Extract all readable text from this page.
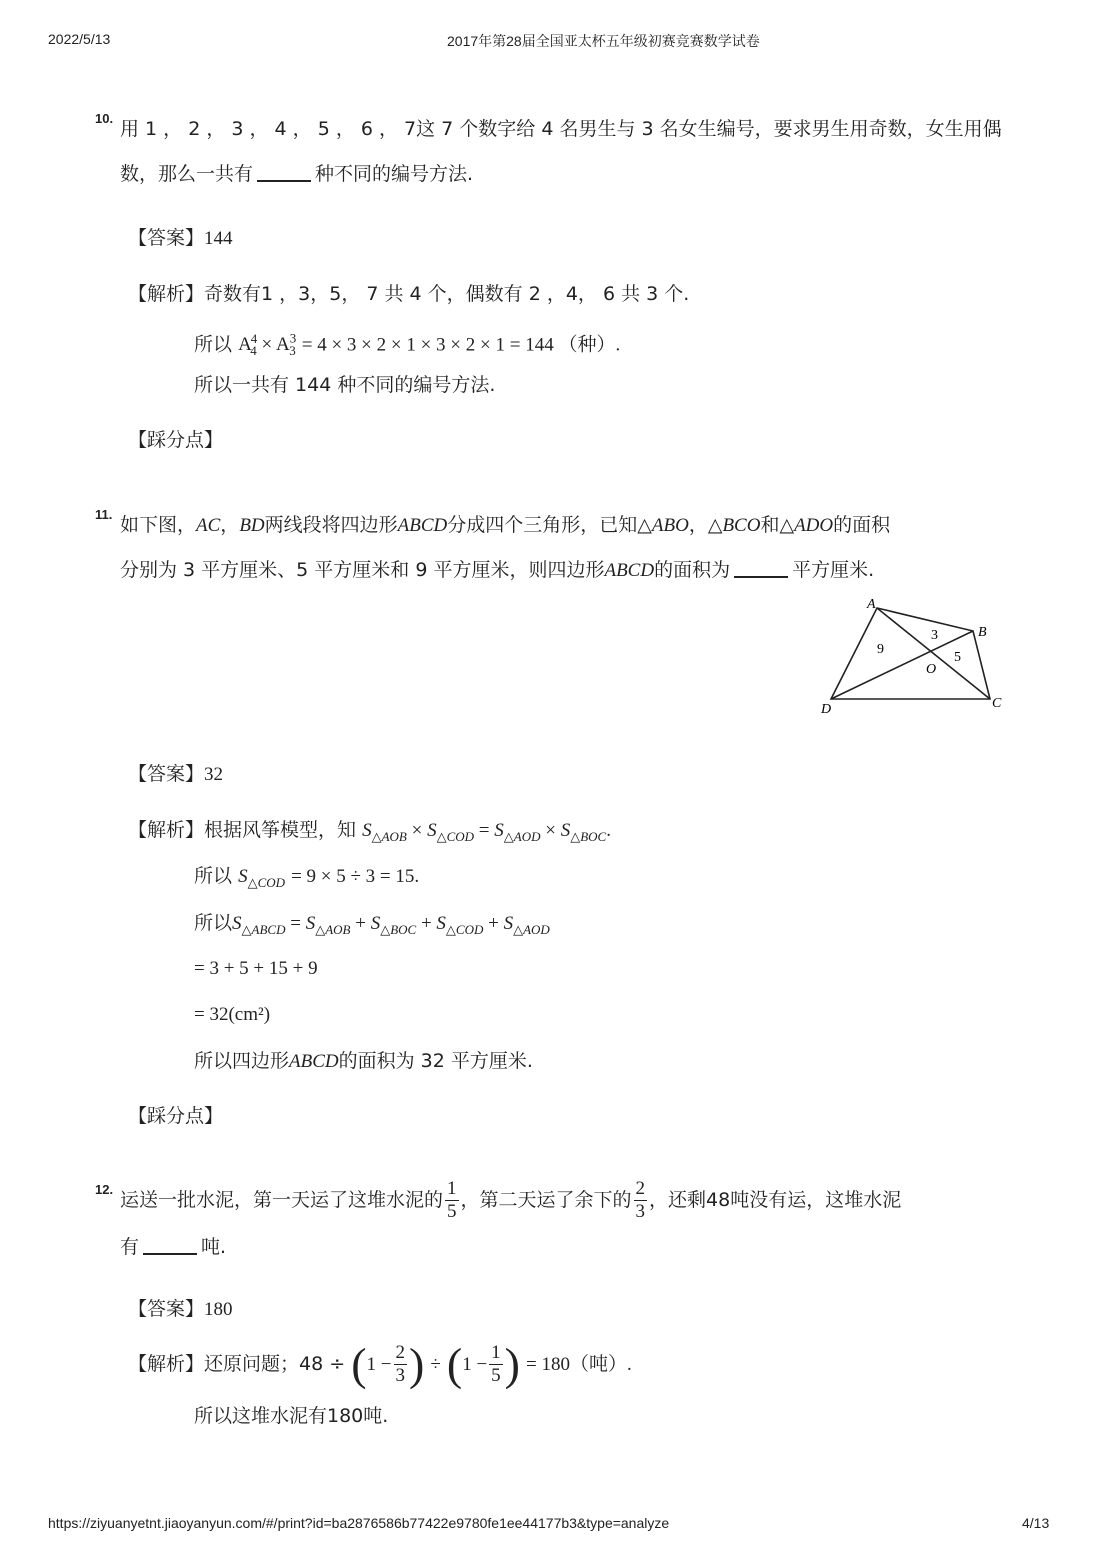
2022/5/13	2017年第28届全国亚太杯五年级初赛竞赛数学试卷
10. 用 1 ， 2 ， 3 ， 4 ， 5 ， 6 ， 7这 7 个数字给 4 名男生与 3 名女生编号，要求男生用奇数，女生用偶
数，那么一共有	种不同的编号方法.
【答案】144
【解析】奇数有1 ，3，5， 7 共 4 个，偶数有 2 ，4， 6 共 3 个.
所以 $A^4_4 \times A^3_3 = 4 \times 3 \times 2 \times 1 \times 3 \times 2 \times 1 = 144$ （种）.
所以一共有 144 种不同的编号方法.
【踩分点】
11. 如下图，AC，BD两线段将四边形ABCD分成四个三角形，已知△ABO，△BCO和△ADO的面积
分别为 3 平方厘米、5 平方厘米和 9 平方厘米，则四边形ABCD的面积为	平方厘米.
A
B
C
D
O
9
3
5
【答案】32
【解析】根据风筝模型，知 $S_{\triangle AOB} \times S_{\triangle COD} = S_{\triangle AOD} \times S_{\triangle BOC}$.
所以 $S_{\triangle COD} = 9 \times 5 \div 3 = 15$.
所以$S_{\triangle ABCD} = S_{\triangle AOB} + S_{\triangle BOC} + S_{\triangle COD} + S_{\triangle AOD}$
= 3 + 5 + 15 + 9
= 32(cm²)
所以四边形ABCD的面积为 32 平方厘米.
【踩分点】
12. 运送一批水泥，第一天运了这堆水泥的 $\frac{1}{5}$ ，第二天运了余下的 $\frac{2}{3}$ ，还剩48吨没有运，这堆水泥
有	吨.
【答案】180
【解析】还原问题；$48 \div (1 - \frac{2}{3}$ ) ÷ ($1 - \frac{1}{5}$ ) = 180（吨）.
所以这堆水泥有180吨.
https://ziyuanyetnt.jiaoyanyun.com/#/print?id=ba2876586b77422e9780fe1ee44177b3&type=analyze	4/13
